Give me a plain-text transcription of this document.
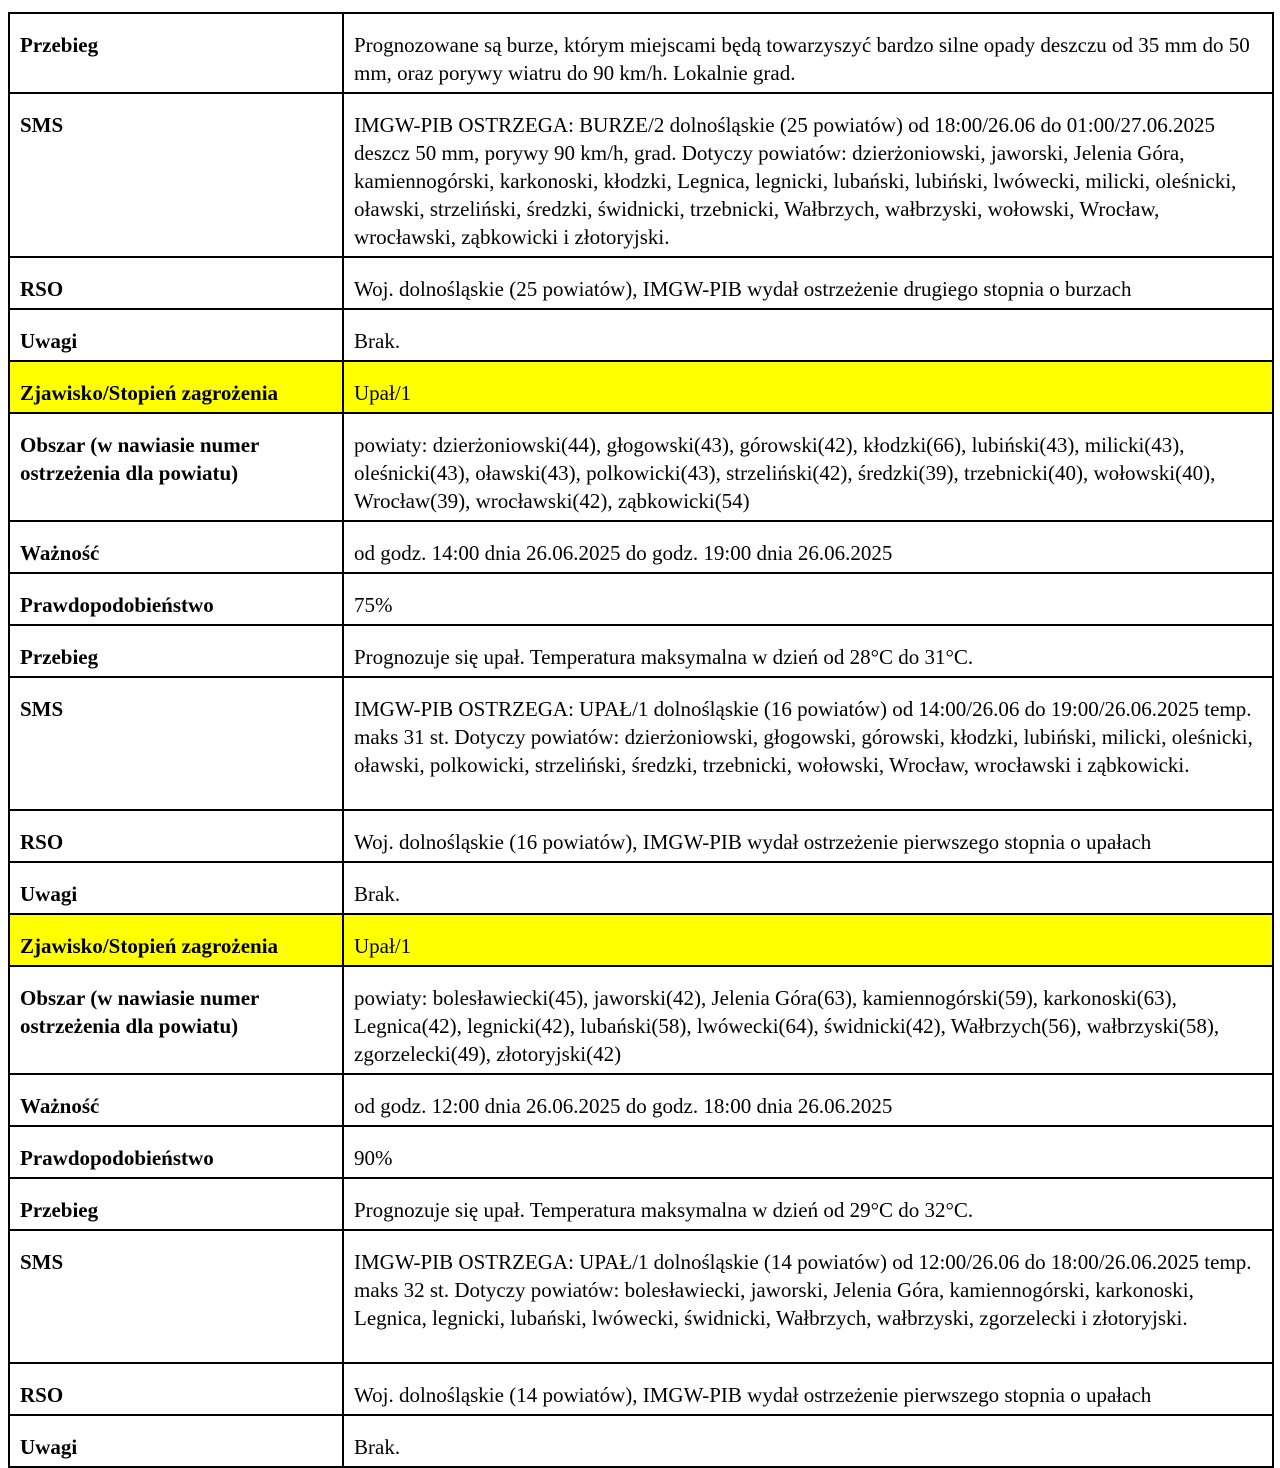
Przebieg	Prognozowane są burze, którym miejscami będą towarzyszyć bardzo silne opady deszczu od 35 mm do 50 mm, oraz porywy wiatru do 90 km/h. Lokalnie grad.
SMS	IMGW-PIB OSTRZEGA: BURZE/2 dolnośląskie (25 powiatów) od 18:00/26.06 do 01:00/27.06.2025 deszcz 50 mm, porywy 90 km/h, grad. Dotyczy powiatów: dzierżoniowski, jaworski, Jelenia Góra, kamiennogórski, karkonoski, kłodzki, Legnica, legnicki, lubański, lubiński, lwówecki, milicki, oleśnicki, oławski, strzeliński, średzki, świdnicki, trzebnicki, Wałbrzych, wałbrzyski, wołowski, Wrocław, wrocławski, ząbkowicki i złotoryjski.
RSO	Woj. dolnośląskie (25 powiatów), IMGW-PIB wydał ostrzeżenie drugiego stopnia o burzach
Uwagi	Brak.
Zjawisko/Stopień zagrożenia	Upał/1
Obszar (w nawiasie numer ostrzeżenia dla powiatu)	powiaty: dzierżoniowski(44), głogowski(43), górowski(42), kłodzki(66), lubiński(43), milicki(43), oleśnicki(43), oławski(43), polkowicki(43), strzeliński(42), średzki(39), trzebnicki(40), wołowski(40), Wrocław(39), wrocławski(42), ząbkowicki(54)
Ważność	od godz. 14:00 dnia 26.06.2025 do godz. 19:00 dnia 26.06.2025
Prawdopodobieństwo	75%
Przebieg	Prognozuje się upał. Temperatura maksymalna w dzień od 28°C do 31°C.
SMS	IMGW-PIB OSTRZEGA: UPAŁ/1 dolnośląskie (16 powiatów) od 14:00/26.06 do 19:00/26.06.2025 temp. maks 31 st. Dotyczy powiatów: dzierżoniowski, głogowski, górowski, kłodzki, lubiński, milicki, oleśnicki, oławski, polkowicki, strzeliński, średzki, trzebnicki, wołowski, Wrocław, wrocławski i ząbkowicki.
RSO	Woj. dolnośląskie (16 powiatów), IMGW-PIB wydał ostrzeżenie pierwszego stopnia o upałach
Uwagi	Brak.
Zjawisko/Stopień zagrożenia	Upał/1
Obszar (w nawiasie numer ostrzeżenia dla powiatu)	powiaty: bolesławiecki(45), jaworski(42), Jelenia Góra(63), kamiennogórski(59), karkonoski(63), Legnica(42), legnicki(42), lubański(58), lwówecki(64), świdnicki(42), Wałbrzych(56), wałbrzyski(58), zgorzelecki(49), złotoryjski(42)
Ważność	od godz. 12:00 dnia 26.06.2025 do godz. 18:00 dnia 26.06.2025
Prawdopodobieństwo	90%
Przebieg	Prognozuje się upał. Temperatura maksymalna w dzień od 29°C do 32°C.
SMS	IMGW-PIB OSTRZEGA: UPAŁ/1 dolnośląskie (14 powiatów) od 12:00/26.06 do 18:00/26.06.2025 temp. maks 32 st. Dotyczy powiatów: bolesławiecki, jaworski, Jelenia Góra, kamiennogórski, karkonoski, Legnica, legnicki, lubański, lwówecki, świdnicki, Wałbrzych, wałbrzyski, zgorzelecki i złotoryjski.
RSO	Woj. dolnośląskie (14 powiatów), IMGW-PIB wydał ostrzeżenie pierwszego stopnia o upałach
Uwagi	Brak.
